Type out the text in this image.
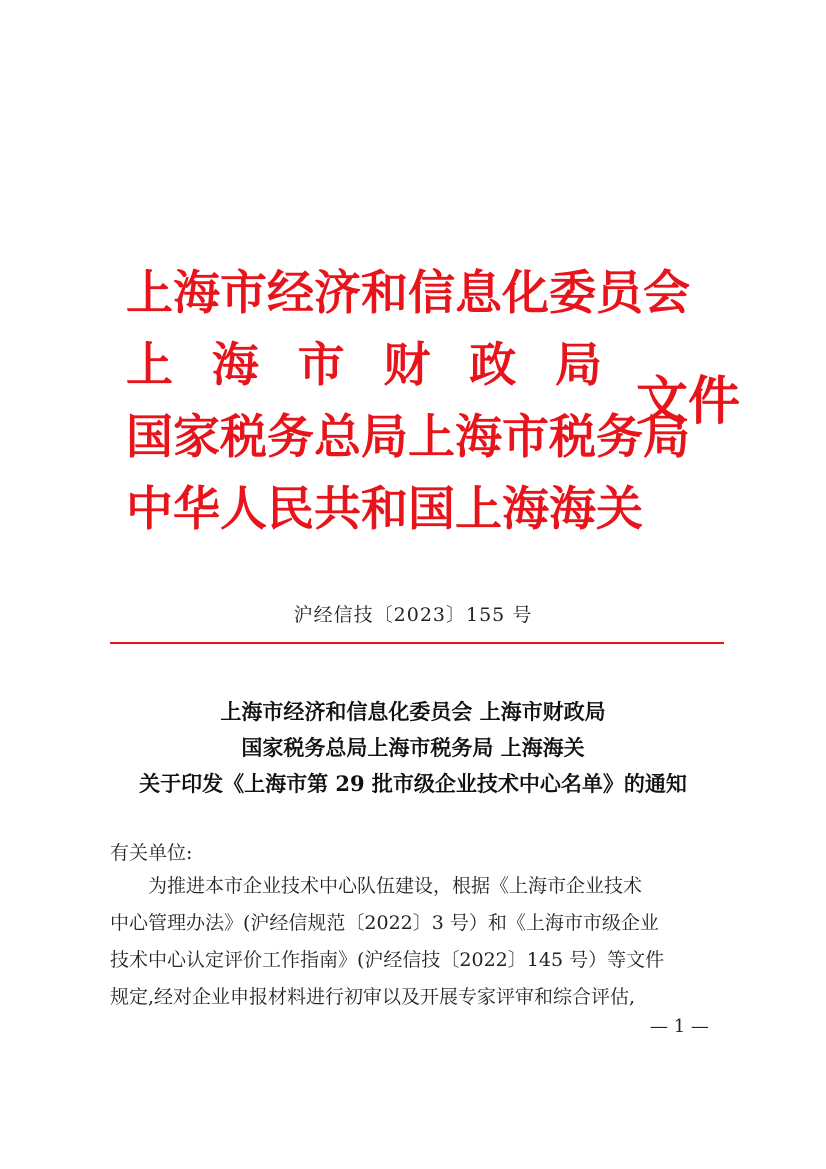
上海市经济和信息化委员会
上 海 市 财 政 局
国家税务总局上海市税务局
中华人民共和国上海海关
文件
沪经信技〔2023〕155 号
上海市经济和信息化委员会 上海市财政局
国家税务总局上海市税务局 上海海关
关于印发《上海市第 29 批市级企业技术中心名单》的通知
有关单位:
为推进本市企业技术中心队伍建设，根据《上海市企业技术
中心管理办法》(沪经信规范〔2022〕3 号）和《上海市市级企业
技术中心认定评价工作指南》(沪经信技〔2022〕145 号）等文件
规定,经对企业申报材料进行初审以及开展专家评审和综合评估,
— 1 —
